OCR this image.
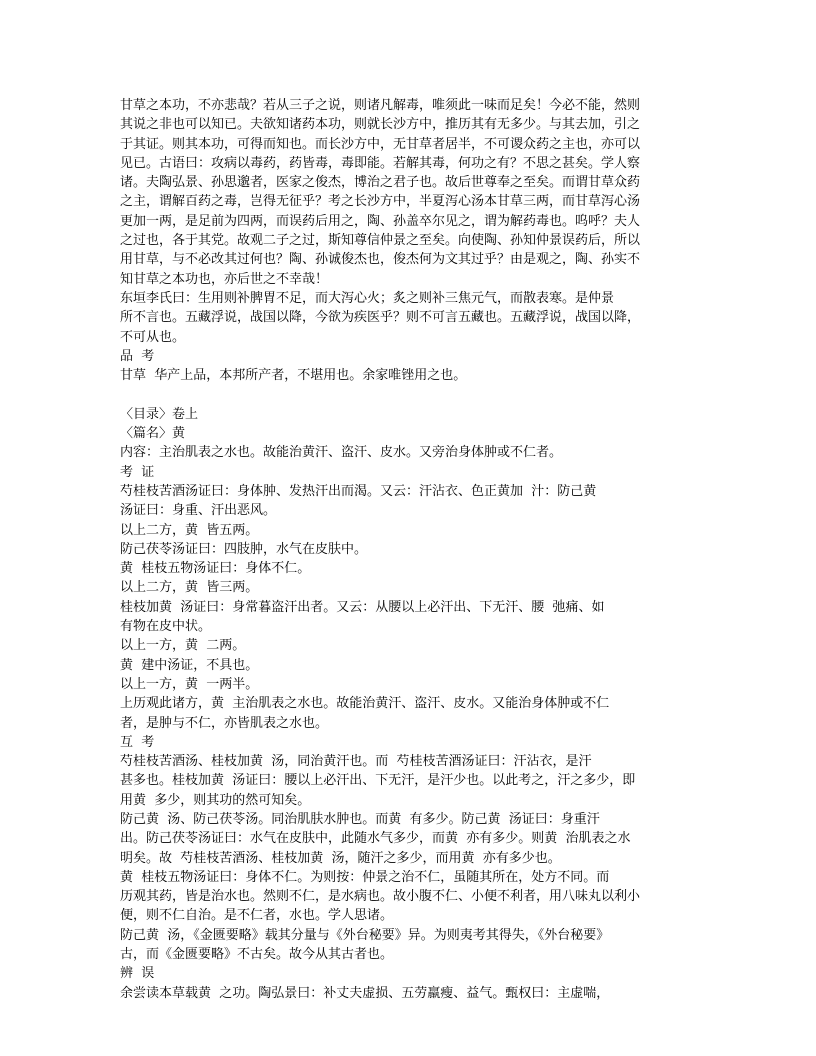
甘草之本功，不亦悲哉？若从三子之说，则诸凡解毒，唯须此一味而足矣！今必不能，然则
其说之非也可以知已。夫欲知诸药本功，则就长沙方中，推历其有无多少。与其去加，引之
于其证。则其本功，可得而知也。而长沙方中，无甘草者居半，不可谡众药之主也，亦可以
见已。古语曰：攻病以毒药，药皆毒，毒即能。若解其毒，何功之有？不思之甚矣。学人察
诸。夫陶弘景、孙思邈者，医家之俊杰，博治之君子也。故后世尊奉之至矣。而谓甘草众药
之主，谓解百药之毒，岂得无征乎？考之长沙方中，半夏泻心汤本甘草三两，而甘草泻心汤
更加一两，是足前为四两，而误药后用之，陶、孙盖卒尔见之，谓为解药毒也。呜呼？夫人
之过也，各于其党。故观二子之过，斯知尊信仲景之至矣。向使陶、孙知仲景误药后，所以
用甘草，与不必改其过何也？陶、孙诚俊杰也，俊杰何为文其过乎？由是观之，陶、孙实不
知甘草之本功也，亦后世之不幸哉！
东垣李氏曰：生用则补脾胃不足，而大泻心火；炙之则补三焦元气，而散表寒。是仲景
所不言也。五藏浮说，战国以降，今欲为疾医乎？则不可言五藏也。五藏浮说，战国以降，
不可从也。
品  考
甘草  华产上品，本邦所产者，不堪用也。余家唯锉用之也。
〈目录〉卷上
〈篇名〉黄
内容：主治肌表之水也。故能治黄汗、盗汗、皮水。又旁治身体肿或不仁者。
考  证
芍桂枝苦酒汤证曰：身体肿、发热汗出而渴。又云：汗沾衣、色正黄加  汁：防己黄
汤证曰：身重、汗出恶风。
以上二方，黄  皆五两。
防己茯苓汤证曰：四肢肿，水气在皮肤中。
黄  桂枝五物汤证曰：身体不仁。
以上二方，黄  皆三两。
桂枝加黄  汤证曰：身常暮盗汗出者。又云：从腰以上必汗出、下无汗、腰  弛痛、如
有物在皮中状。
以上一方，黄  二两。
黄  建中汤证，不具也。
以上一方，黄  一两半。
上历观此诸方，黄  主治肌表之水也。故能治黄汗、盗汗、皮水。又能治身体肿或不仁
者，是肿与不仁，亦皆肌表之水也。
互  考
芍桂枝苦酒汤、桂枝加黄  汤，同治黄汗也。而  芍桂枝苦酒汤证曰：汗沾衣，是汗
甚多也。桂枝加黄  汤证曰：腰以上必汗出、下无汗，是汗少也。以此考之，汗之多少，即
用黄  多少，则其功的然可知矣。
防己黄  汤、防己茯苓汤。同治肌肤水肿也。而黄  有多少。防己黄  汤证曰：身重汗
出。防己茯苓汤证曰：水气在皮肤中，此随水气多少，而黄  亦有多少。则黄  治肌表之水
明矣。故  芍桂枝苦酒汤、桂枝加黄  汤，随汗之多少，而用黄  亦有多少也。
黄  桂枝五物汤证曰：身体不仁。为则按：仲景之治不仁，虽随其所在，处方不同。而
历观其药，皆是治水也。然则不仁，是水病也。故小腹不仁、小便不利者，用八味丸以利小
便，则不仁自治。是不仁者，水也。学人思诸。
防己黄  汤，《金匮要略》载其分量与《外台秘要》异。为则夷考其得失，《外台秘要》
古，而《金匮要略》不古矣。故今从其古者也。
辨  误
余尝读本草载黄  之功。陶弘景曰：补丈夫虚损、五劳羸瘦、益气。甄权曰：主虚喘，
